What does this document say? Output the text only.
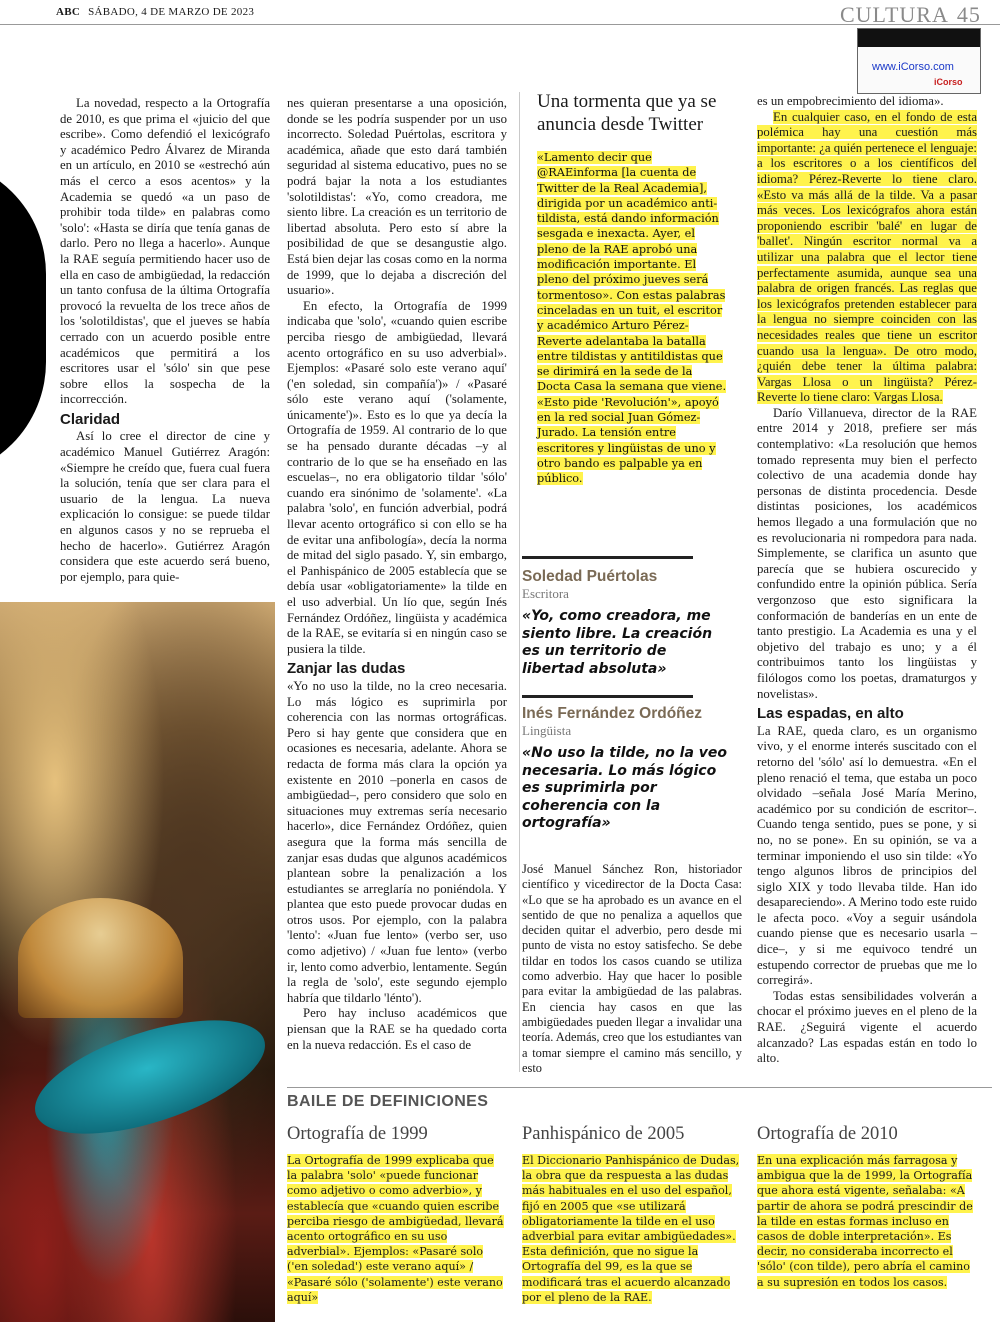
ABC SÁBADO, 4 DE MARZO DE 2023	CULTURA 45
www.iCorso.com
iCorso

La novedad, respecto a la Ortografía de 2010, es que prima el «juicio del que escribe». Como defendió el lexicógrafo y académico Pedro Álvarez de Miranda en un artículo, en 2010 se «estrechó aún más el cerco a esos acentos» y la Academia se quedó «a un paso de prohibir toda tilde» en palabras como 'solo': «Hasta se diría que tenía ganas de darlo. Pero no llega a hacerlo». Aunque la RAE seguía permitiendo hacer uso de ella en caso de ambigüedad, la redacción un tanto confusa de la última Ortografía provocó la revuelta de los trece años de los 'solotildistas', que el jueves se había cerrado con un acuerdo posible entre académicos que permitirá a los escritores usar el 'sólo' sin que pese sobre ellos la sospecha de la incorrección.

Claridad

Así lo cree el director de cine y académico Manuel Gutiérrez Aragón: «Siempre he creído que, fuera cual fuera la solución, tenía que ser clara para el usuario de la lengua. La nueva explicación lo consigue: se puede tildar en algunos casos y no se reprueba el hecho de hacerlo». Gutiérrez Aragón considera que este acuerdo será bueno, por ejemplo, para quie-

nes quieran presentarse a una oposición, donde se les podría suspender por un uso incorrecto. Soledad Puértolas, escritora y académica, añade que esto dará también seguridad al sistema educativo, pues no se podrá bajar la nota a los estudiantes 'solotildistas': «Yo, como creadora, me siento libre. La creación es un territorio de libertad absoluta. Pero esto sí abre la posibilidad de que se desangustie algo. Está bien dejar las cosas como en la norma de 1999, que lo dejaba a discreción del usuario».

En efecto, la Ortografía de 1999 indicaba que 'solo', «cuando quien escribe perciba riesgo de ambigüedad, llevará acento ortográfico en su uso adverbial». Ejemplos: «Pasaré solo este verano aquí' ('en soledad, sin compañía')» / «Pasaré sólo este verano aquí ('solamente, únicamente')». Esto es lo que ya decía la Ortografía de 1959. Al contrario de lo que se ha pensado durante décadas –y al contrario de lo que se ha enseñado en las escuelas–, no era obligatorio tildar 'sólo' cuando era sinónimo de 'solamente'. «La palabra 'solo', en función adverbial, podrá llevar acento ortográfico si con ello se ha de evitar una anfibología», decía la norma de mitad del siglo pasado. Y, sin embargo, el Panhispánico de 2005 establecía que se debía usar «obligatoriamente» la tilde en el uso adverbial. Un lío que, según Inés Fernández Ordóñez, lingüista y académica de la RAE, se evitaría si en ningún caso se pusiera la tilde.

Zanjar las dudas

«Yo no uso la tilde, no la creo necesaria. Lo más lógico es suprimirla por coherencia con las normas ortográficas. Pero si hay gente que considera que en ocasiones es necesaria, adelante. Ahora se redacta de forma más clara la opción ya existente en 2010 –ponerla en casos de ambigüedad–, pero considero que solo en situaciones muy extremas sería necesario hacerlo», dice Fernández Ordóñez, quien asegura que la forma más sencilla de zanjar esas dudas que algunos académicos plantean sobre la penalización a los estudiantes se arreglaría no poniéndola. Y plantea que esto puede provocar dudas en otros usos. Por ejemplo, con la palabra 'lento': «Juan fue lento» (verbo ser, uso como adjetivo) / «Juan fue lento» (verbo ir, lento como adverbio, lentamente. Según la regla de 'solo', este segundo ejemplo habría que tildarlo 'lénto').

Pero hay incluso académicos que piensan que la RAE se ha quedado corta en la nueva redacción. Es el caso de

Una tormenta que ya se anuncia desde Twitter
«Lamento decir que @RAEinforma [la cuenta de Twitter de la Real Academia], dirigida por un académico anti-tildista, está dando información sesgada e inexacta. Ayer, el pleno de la RAE aprobó una modificación importante. El pleno del próximo jueves será tormentoso». Con estas palabras cinceladas en un tuit, el escritor y académico Arturo Pérez-Reverte adelantaba la batalla entre tildistas y antitildistas que se dirimirá en la sede de la Docta Casa la semana que viene. «Esto pide 'Revolución'», apoyó en la red social Juan Gómez-Jurado. La tensión entre escritores y lingüistas de uno y otro bando es palpable ya en público.
Soledad Puértolas
Escritora
«Yo, como creadora, me siento libre. La creación es un territorio de libertad absoluta»
Inés Fernández Ordóñez
Lingüista
«No uso la tilde, no la veo necesaria. Lo más lógico es suprimirla por coherencia con la ortografía»
José Manuel Sánchez Ron, historiador científico y vicedirector de la Docta Casa: «Lo que se ha aprobado es un avance en el sentido de que no penaliza a aquellos que deciden quitar el adverbio, pero desde mi punto de vista no estoy satisfecho. Se debe tildar en todos los casos cuando se utiliza como adverbio. Hay que hacer lo posible para evitar la ambigüedad de las palabras. En ciencia hay casos en que las ambigüedades pueden llegar a invalidar una teoría. Además, creo que los estudiantes van a tomar siempre el camino más sencillo, y esto

es un empobrecimiento del idioma».

En cualquier caso, en el fondo de esta polémica hay una cuestión más importante: ¿a quién pertenece el lenguaje: a los escritores o a los científicos del idioma? Pérez-Reverte lo tiene claro. «Esto va más allá de la tilde. Va a pasar más veces. Los lexicógrafos ahora están proponiendo escribir 'balé' en lugar de 'ballet'. Ningún escritor normal va a utilizar una palabra que el lector tiene perfectamente asumida, aunque sea una palabra de origen francés. Las reglas que los lexicógrafos pretenden establecer para la lengua no siempre coinciden con las necesidades reales que tiene un escritor cuando usa la lengua». De otro modo, ¿quién debe tener la última palabra: Vargas Llosa o un lingüista? Pérez-Reverte lo tiene claro: Vargas Llosa.

Darío Villanueva, director de la RAE entre 2014 y 2018, prefiere ser más contemplativo: «La resolución que hemos tomado representa muy bien el perfecto colectivo de una academia donde hay personas de distinta procedencia. Desde distintas posiciones, los académicos hemos llegado a una formulación que no es revolucionaria ni rompedora para nada. Simplemente, se clarifica un asunto que parecía que se hubiera oscurecido y confundido entre la opinión pública. Sería vergonzoso que esto significara la conformación de banderías en un ente de tanto prestigio. La Academia es una y el objetivo del trabajo es uno; y a él contribuimos tanto los lingüistas y filólogos como los poetas, dramaturgos y novelistas».

Las espadas, en alto

La RAE, queda claro, es un organismo vivo, y el enorme interés suscitado con el retorno del 'sólo' así lo demuestra. «En el pleno renació el tema, que estaba un poco olvidado –señala José María Merino, académico por su condición de escritor–. Cuando tenga sentido, pues se pone, y si no, no se pone». En su opinión, se va a terminar imponiendo el uso sin tilde: «Yo tengo algunos libros de principios del siglo XIX y todo llevaba tilde. Han ido desapareciendo». A Merino todo este ruido le afecta poco. «Voy a seguir usándola cuando piense que es necesario usarla –dice–, y si me equivoco tendré un estupendo corrector de pruebas que me lo corregirá».

Todas estas sensibilidades volverán a chocar el próximo jueves en el pleno de la RAE. ¿Seguirá vigente el acuerdo alcanzado? Las espadas están en todo lo alto.

BAILE DE DEFINICIONES
Ortografía de 1999
La Ortografía de 1999 explicaba que la palabra 'solo' «puede funcionar como adjetivo o como adverbio», y establecía que «cuando quien escribe perciba riesgo de ambigüedad, llevará acento ortográfico en su uso adverbial». Ejemplos: «Pasaré solo ('en soledad') este verano aquí» / «Pasaré sólo ('solamente') este verano aquí»
Panhispánico de 2005
El Diccionario Panhispánico de Dudas, la obra que da respuesta a las dudas más habituales en el uso del español, fijó en 2005 que «se utilizará obligatoriamente la tilde en el uso adverbial para evitar ambigüedades». Esta definición, que no sigue la Ortografía del 99, es la que se modificará tras el acuerdo alcanzado por el pleno de la RAE.
Ortografía de 2010
En una explicación más farragosa y ambigua que la de 1999, la Ortografía que ahora está vigente, señalaba: «A partir de ahora se podrá prescindir de la tilde en estas formas incluso en casos de doble interpretación». Es decir, no consideraba incorrecto el 'sólo' (con tilde), pero abría el camino a su supresión en todos los casos.
